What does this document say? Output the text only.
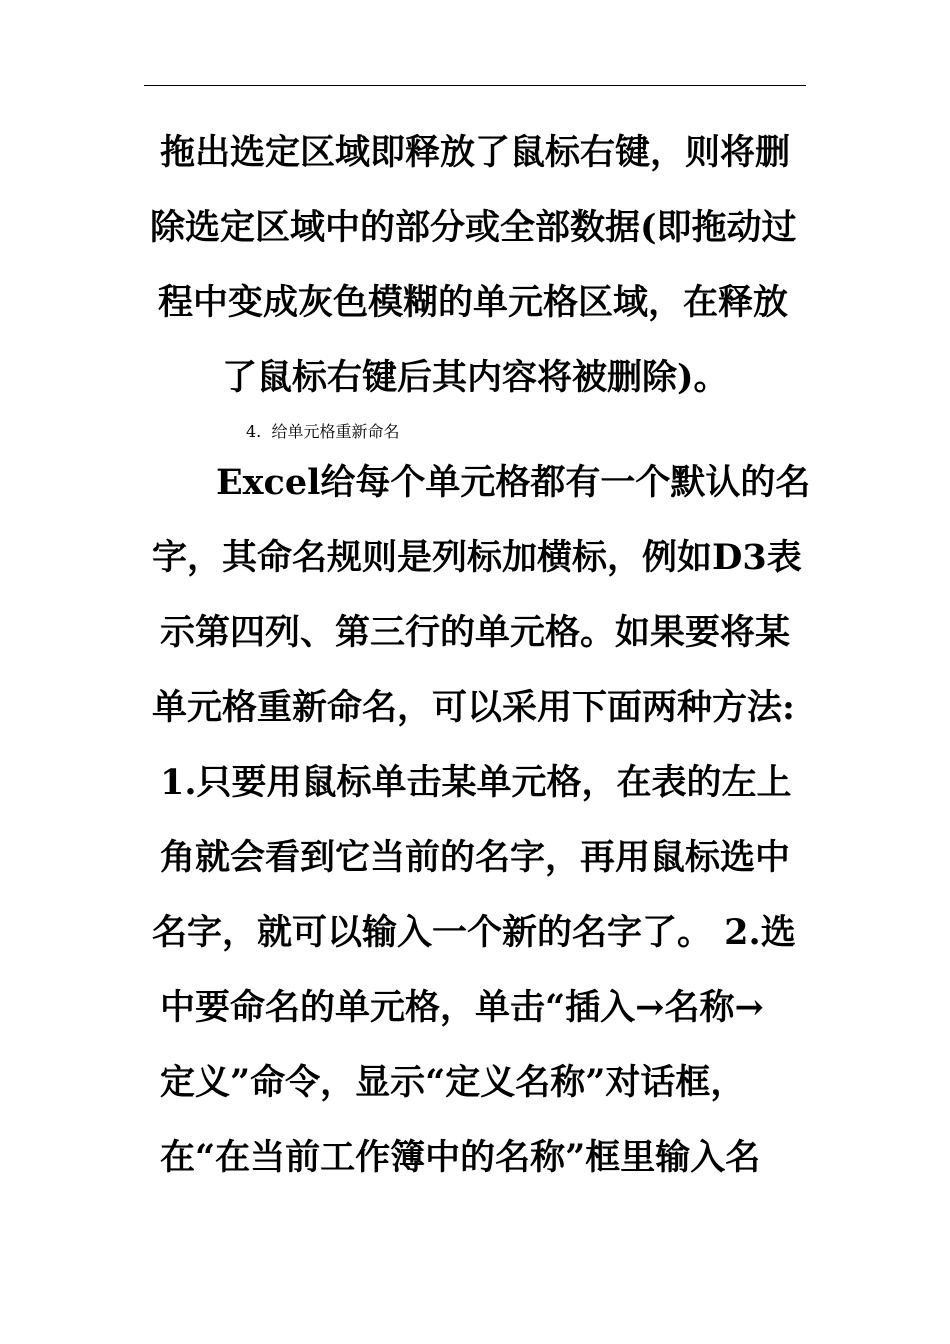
拖出选定区域即释放了鼠标右键，则将删
除选定区域中的部分或全部数据(即拖动过
程中变成灰色模糊的单元格区域，在释放
了鼠标右键后其内容将被删除)。
4.  给单元格重新命名
Excel给每个单元格都有一个默认的名
字，其命名规则是列标加横标，例如D3表
示第四列、第三行的单元格。如果要将某
单元格重新命名，可以采用下面两种方法:
1.只要用鼠标单击某单元格，在表的左上
角就会看到它当前的名字，再用鼠标选中
名字，就可以输入一个新的名字了。 2.选
中要命名的单元格，单击“插入→名称→
定义”命令，显示“定义名称”对话框，
在“在当前工作簿中的名称”框里输入名
